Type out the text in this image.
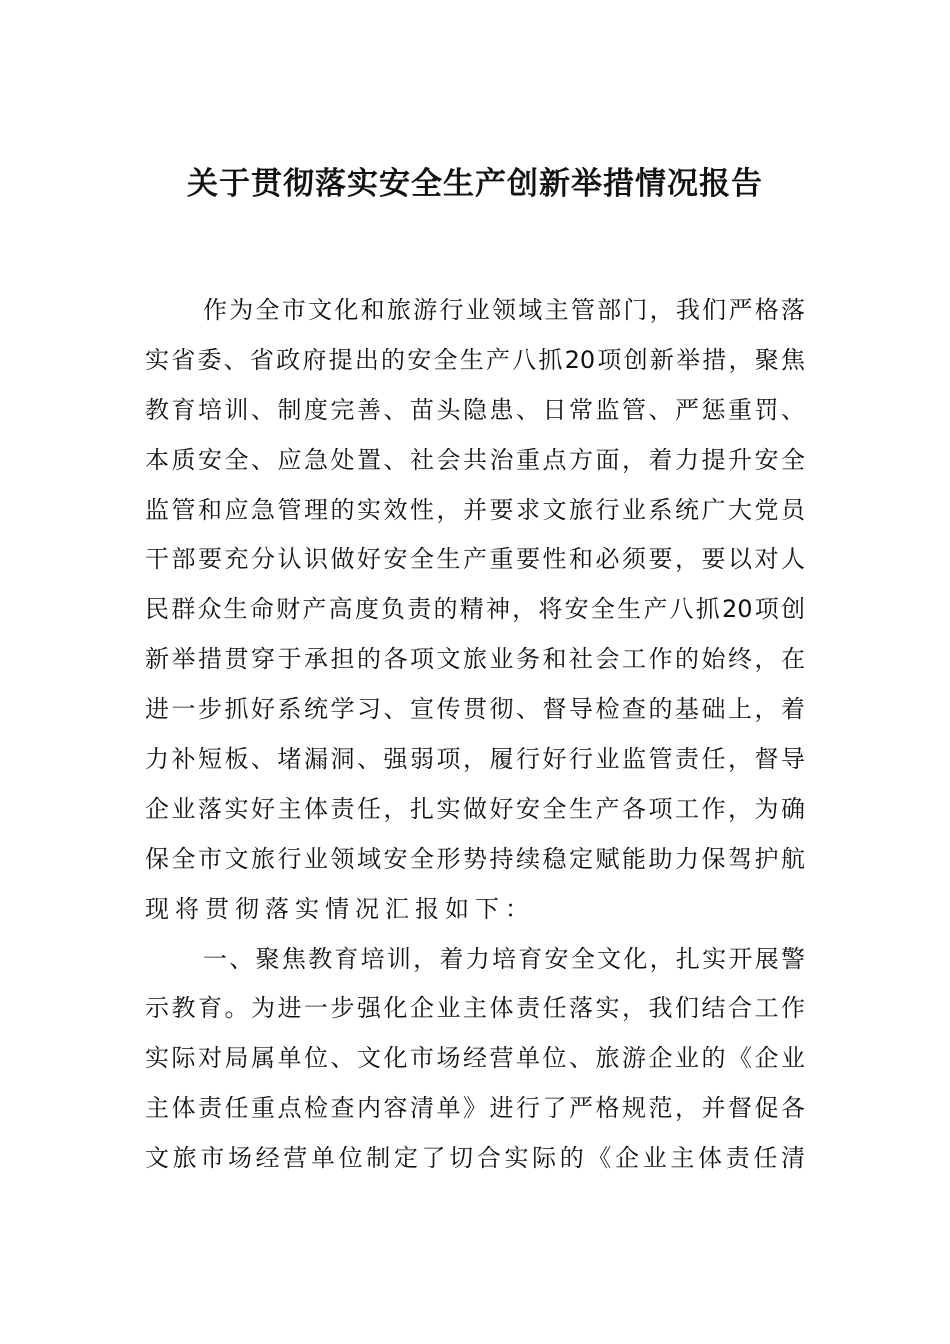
关于贯彻落实安全生产创新举措情况报告
作为全市文化和旅游行业领域主管部门，我们严格落
实省委、省政府提出的安全生产八抓20项创新举措，聚焦
教育培训、制度完善、苗头隐患、日常监管、严惩重罚、
本质安全、应急处置、社会共治重点方面，着力提升安全
监管和应急管理的实效性，并要求文旅行业系统广大党员
干部要充分认识做好安全生产重要性和必须要，要以对人
民群众生命财产高度负责的精神，将安全生产八抓20项创
新举措贯穿于承担的各项文旅业务和社会工作的始终，在
进一步抓好系统学习、宣传贯彻、督导检查的基础上，着
力补短板、堵漏洞、强弱项，履行好行业监管责任，督导
企业落实好主体责任，扎实做好安全生产各项工作，为确
保全市文旅行业领域安全形势持续稳定赋能助力保驾护航
现将贯彻落实情况汇报如下：
一、聚焦教育培训，着力培育安全文化，扎实开展警
示教育。为进一步强化企业主体责任落实，我们结合工作
实际对局属单位、文化市场经营单位、旅游企业的《企业
主体责任重点检查内容清单》进行了严格规范，并督促各
文旅市场经营单位制定了切合实际的《企业主体责任清
